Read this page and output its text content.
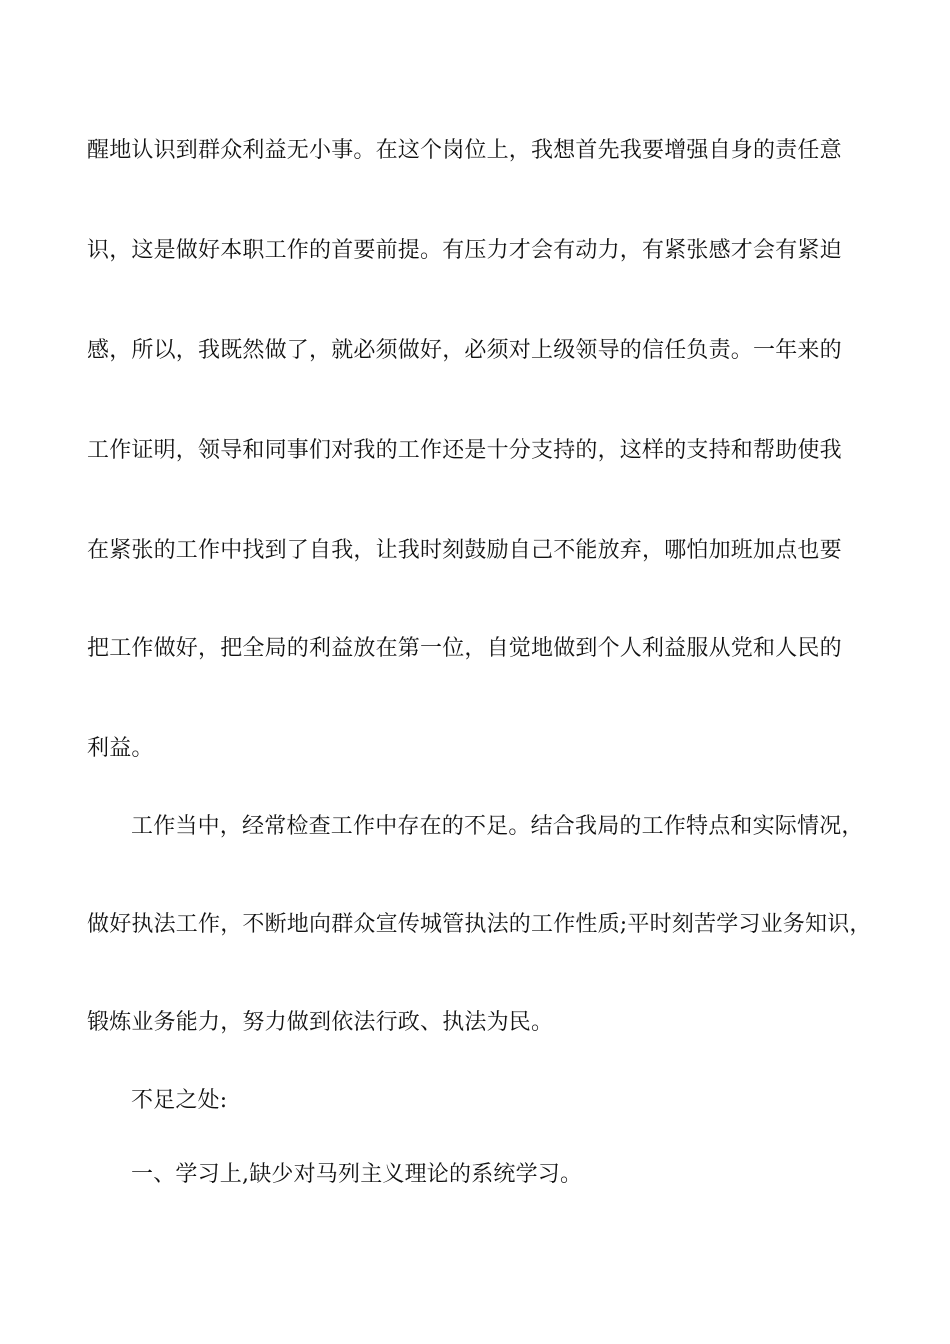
醒地认识到群众利益无小事。在这个岗位上，我想首先我要增强自身的责任意
识，这是做好本职工作的首要前提。有压力才会有动力，有紧张感才会有紧迫
感，所以，我既然做了，就必须做好，必须对上级领导的信任负责。一年来的
工作证明，领导和同事们对我的工作还是十分支持的，这样的支持和帮助使我
在紧张的工作中找到了自我，让我时刻鼓励自己不能放弃，哪怕加班加点也要
把工作做好，把全局的利益放在第一位，自觉地做到个人利益服从党和人民的
利益。
工作当中，经常检查工作中存在的不足。结合我局的工作特点和实际情况，
做好执法工作，不断地向群众宣传城管执法的工作性质;平时刻苦学习业务知识，
锻炼业务能力，努力做到依法行政、执法为民。
不足之处:
一、学习上,缺少对马列主义理论的系统学习。
